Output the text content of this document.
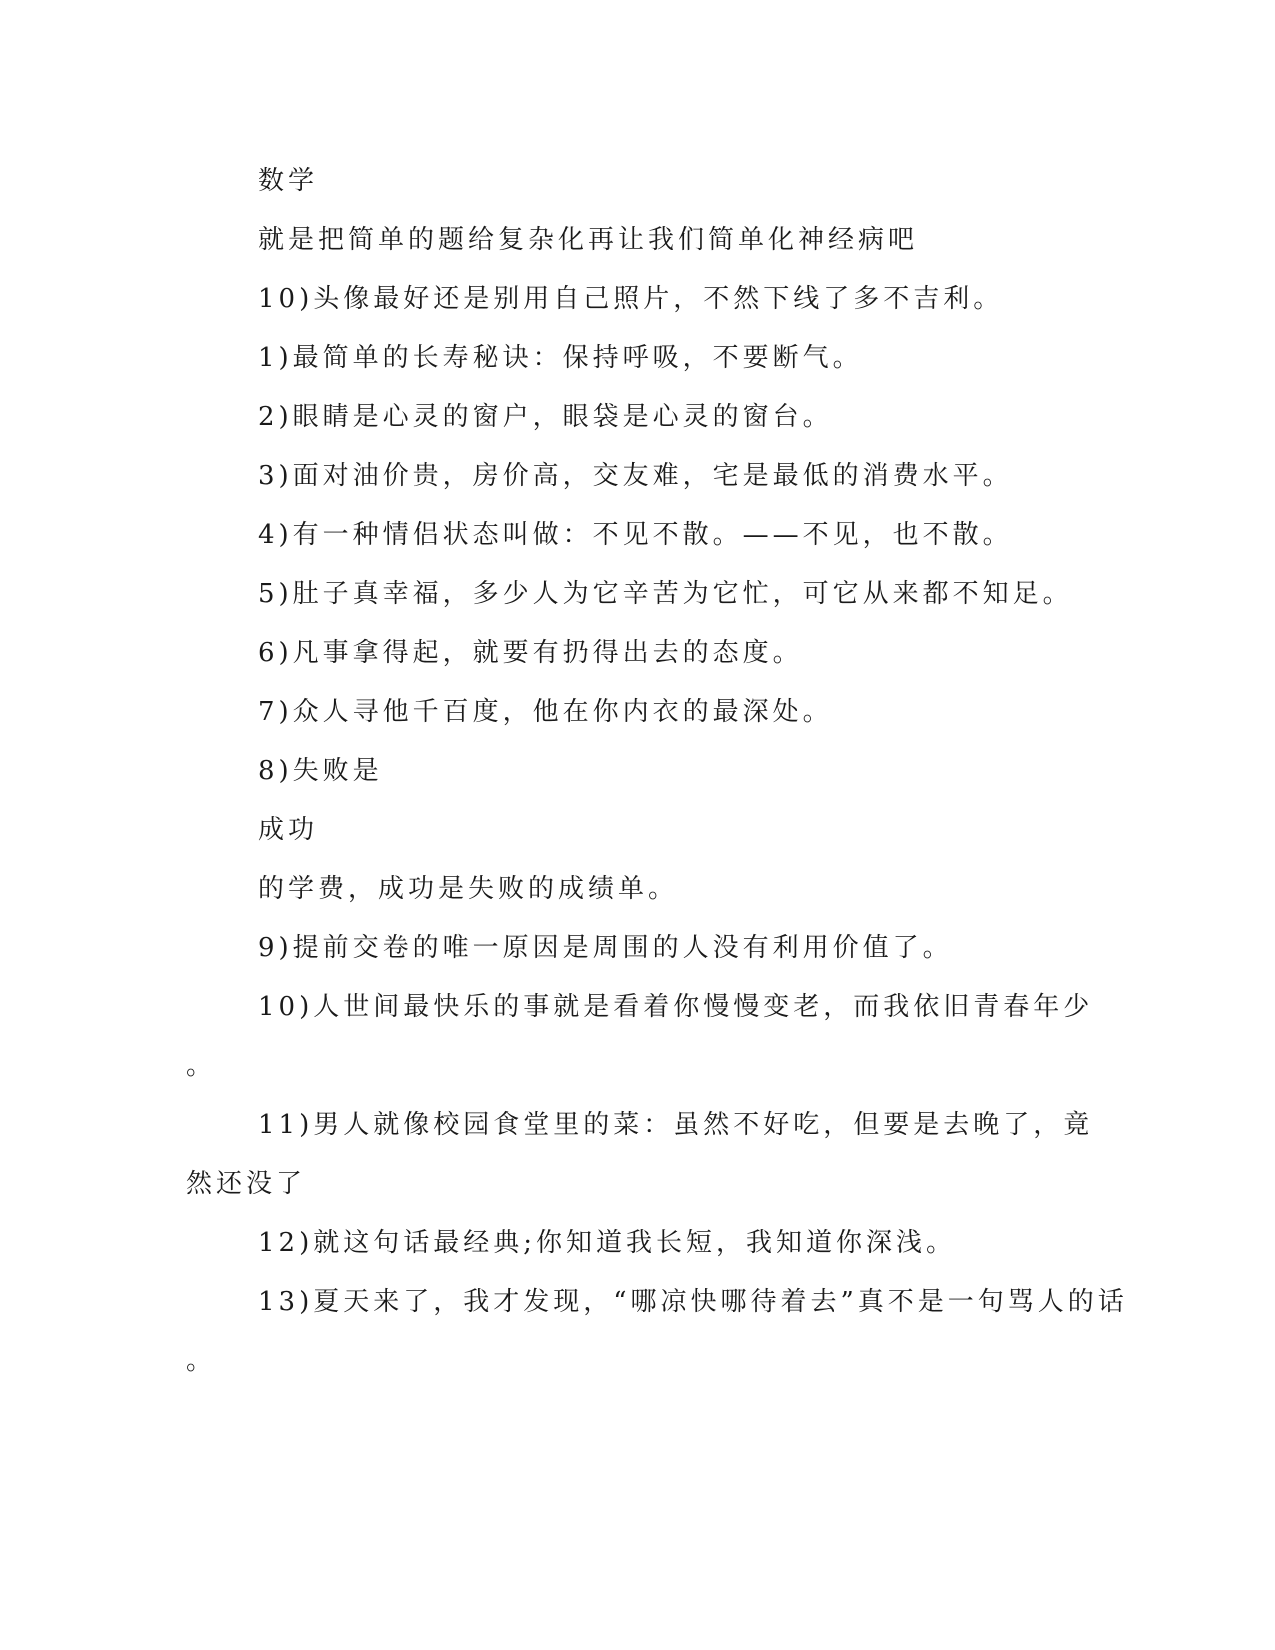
数学

就是把简单的题给复杂化再让我们简单化神经病吧

10)头像最好还是别用自己照片，不然下线了多不吉利。

1)最简单的长寿秘诀：保持呼吸，不要断气。

2)眼睛是心灵的窗户，眼袋是心灵的窗台。

3)面对油价贵，房价高，交友难，宅是最低的消费水平。

4)有一种情侣状态叫做：不见不散。——不见，也不散。

5)肚子真幸福，多少人为它辛苦为它忙，可它从来都不知足。

6)凡事拿得起，就要有扔得出去的态度。

7)众人寻他千百度，他在你内衣的最深处。

8)失败是

成功

的学费，成功是失败的成绩单。

9)提前交卷的唯一原因是周围的人没有利用价值了。

10)人世间最快乐的事就是看着你慢慢变老，而我依旧青春年少

。

11)男人就像校园食堂里的菜：虽然不好吃，但要是去晚了，竟

然还没了

12)就这句话最经典;你知道我长短，我知道你深浅。

13)夏天来了，我才发现，“哪凉快哪待着去”真不是一句骂人的话

。
